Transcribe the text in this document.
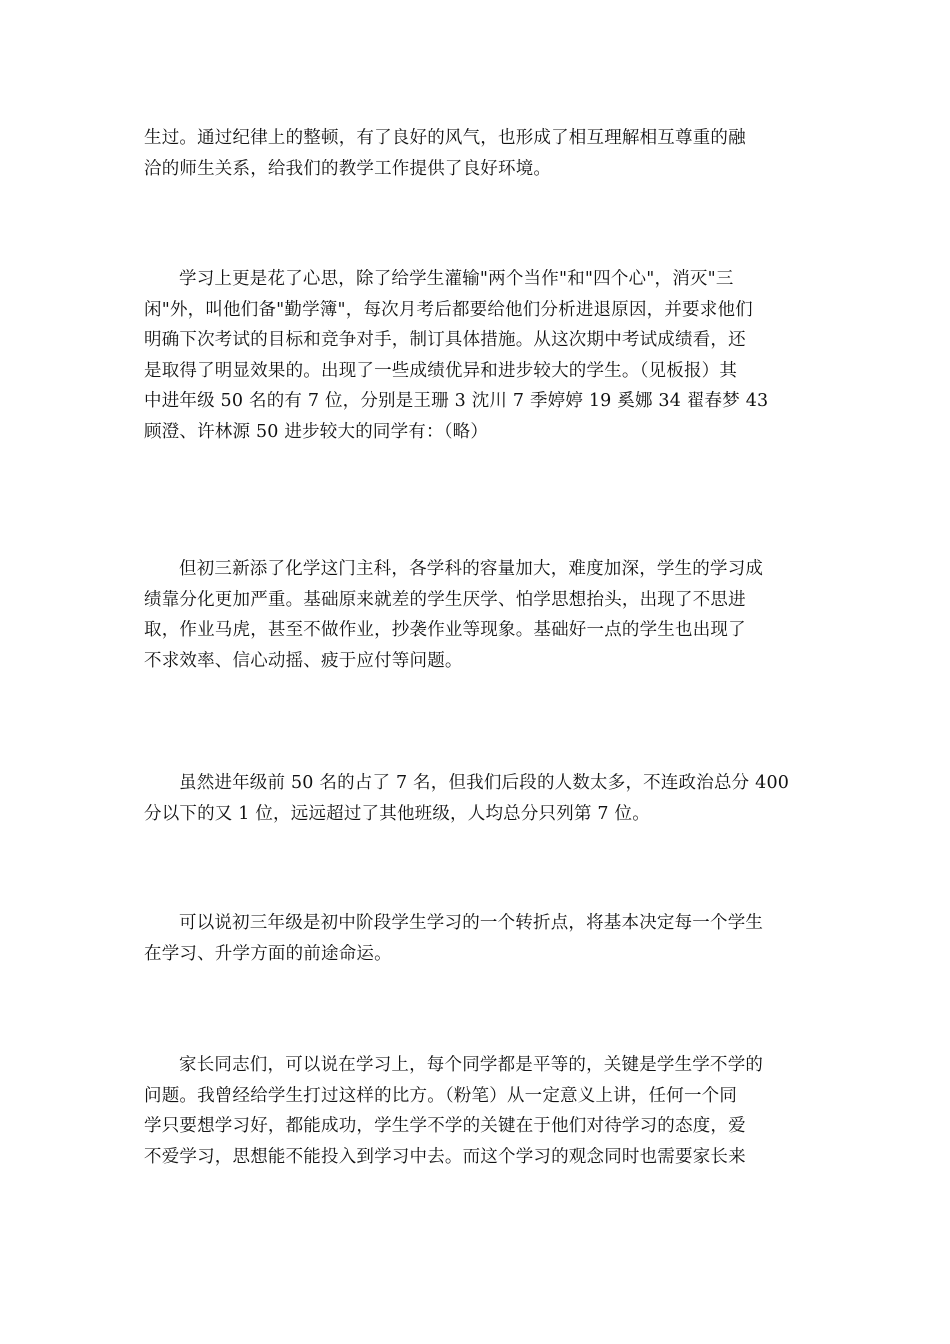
生过。通过纪律上的整顿，有了良好的风气，也形成了相互理解相互尊重的融
洽的师生关系，给我们的教学工作提供了良好环境。

学习上更是花了心思，除了给学生灌输"两个当作"和"四个心"，消灭"三
闲"外，叫他们备"勤学簿"，每次月考后都要给他们分析进退原因，并要求他们
明确下次考试的目标和竞争对手，制订具体措施。从这次期中考试成绩看，还
是取得了明显效果的。出现了一些成绩优异和进步较大的学生。（见板报）其
中进年级 50 名的有 7 位，分别是王珊 3 沈川 7 季婷婷 19 奚娜 34 翟春梦 43
顾澄、许林源 50 进步较大的同学有：（略）

但初三新添了化学这门主科，各学科的容量加大，难度加深，学生的学习成
绩靠分化更加严重。基础原来就差的学生厌学、怕学思想抬头，出现了不思进
取，作业马虎，甚至不做作业，抄袭作业等现象。基础好一点的学生也出现了
不求效率、信心动摇、疲于应付等问题。

虽然进年级前 50 名的占了 7 名，但我们后段的人数太多，不连政治总分 400
分以下的又 1 位，远远超过了其他班级，人均总分只列第 7 位。

可以说初三年级是初中阶段学生学习的一个转折点，将基本决定每一个学生
在学习、升学方面的前途命运。

家长同志们，可以说在学习上，每个同学都是平等的，关键是学生学不学的
问题。我曾经给学生打过这样的比方。（粉笔）从一定意义上讲，任何一个同
学只要想学习好，都能成功，学生学不学的关键在于他们对待学习的态度，爱
不爱学习，思想能不能投入到学习中去。而这个学习的观念同时也需要家长来
